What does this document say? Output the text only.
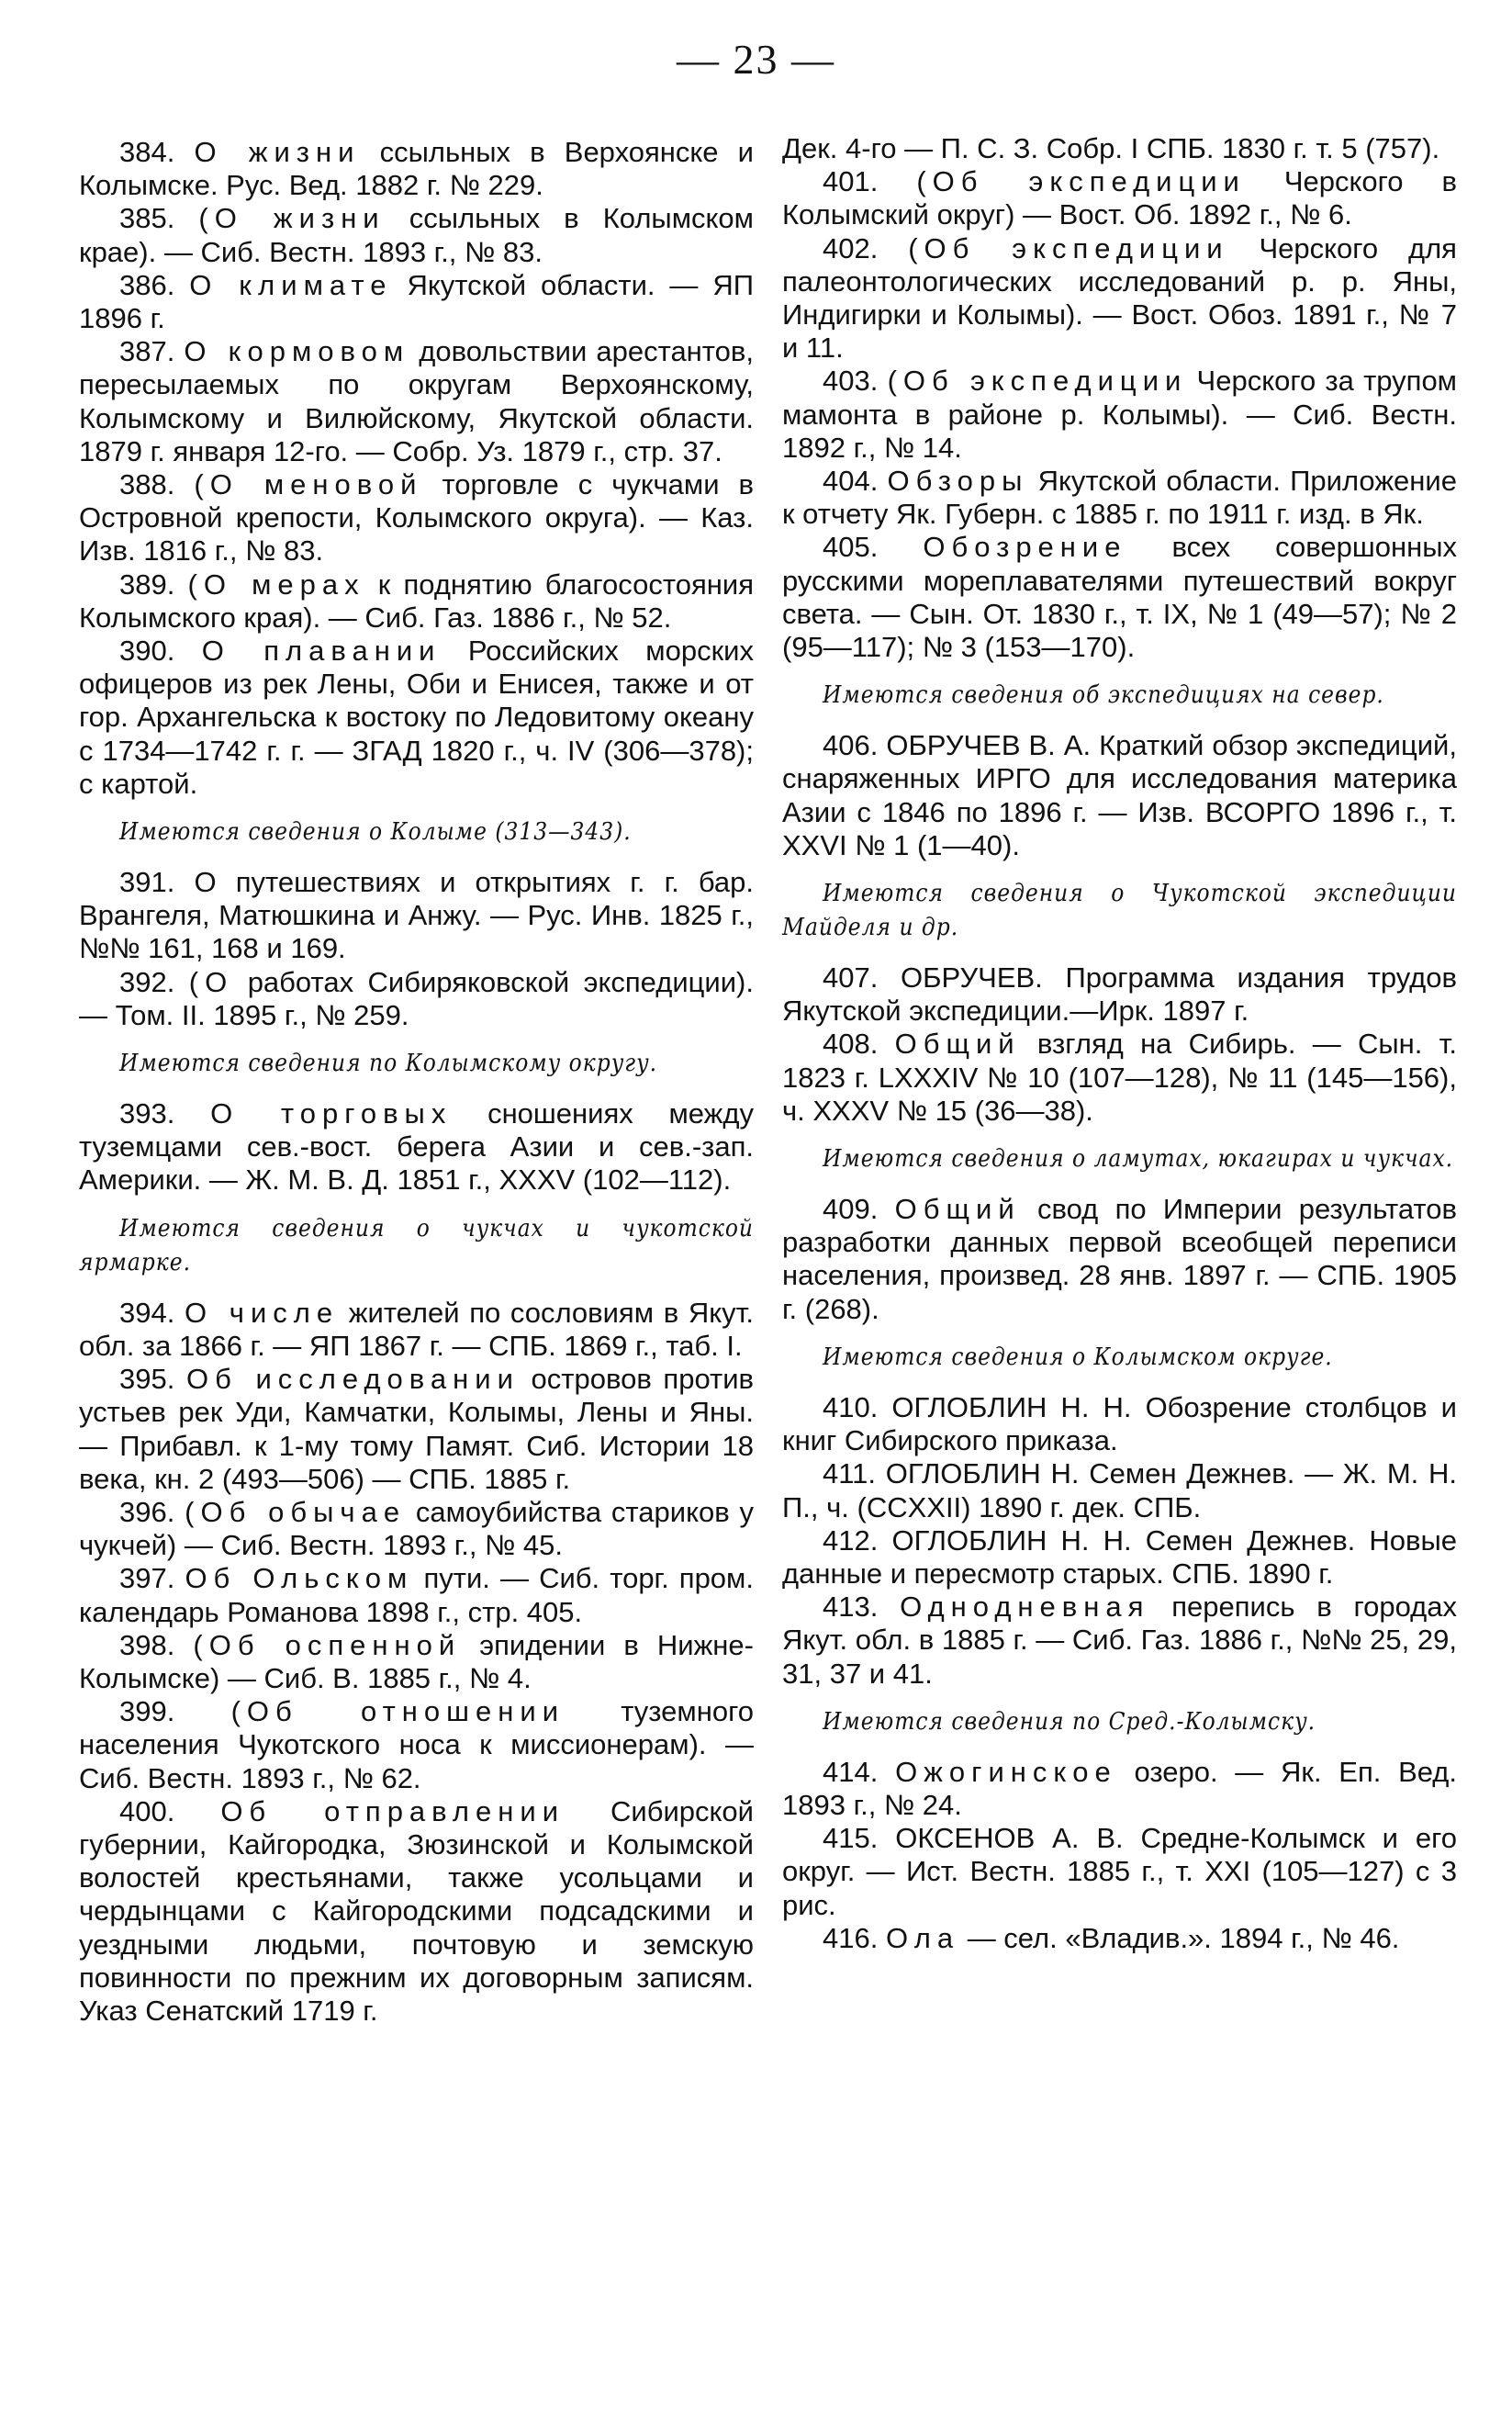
— 23 —

384. О жизни ссыльных в Верхоянске и Колымске. Рус. Вед. 1882 г. № 229.

385. (О жизни ссыльных в Колымском крае). — Сиб. Вестн. 1893 г., № 83.

386. О климате Якутской области. — ЯП 1896 г.

387. О кормовом довольствии арестантов, пересылаемых по округам Верхоянскому, Колымскому и Вилюйскому, Якутской области. 1879 г. января 12-го. — Собр. Уз. 1879 г., стр. 37.

388. (О меновой торговле с чукчами в Островной крепости, Колымского округа). — Каз. Изв. 1816 г., № 83.

389. (О мерах к поднятию благосостояния Колымского края). — Сиб. Газ. 1886 г., № 52.

390. О плавании Российских морских офицеров из рек Лены, Оби и Енисея, также и от гор. Архангельска к востоку по Ледовитому океану с 1734—1742 г. г. — ЗГАД 1820 г., ч. IV (306—378); с картой.

Имеются сведения о Колыме (313—343).

391. О путешествиях и открытиях г. г. бар. Врангеля, Матюшкина и Анжу. — Рус. Инв. 1825 г., №№ 161, 168 и 169.

392. (О работах Сибиряковской экспедиции). — Том. II. 1895 г., № 259.

Имеются сведения по Колымскому округу.

393. О торговых сношениях между туземцами сев.-вост. берега Азии и сев.-зап. Америки. — Ж. М. В. Д. 1851 г., XXXV (102—112).

Имеются сведения о чукчах и чукотской ярмарке.

394. О числе жителей по сословиям в Якут. обл. за 1866 г. — ЯП 1867 г. — СПБ. 1869 г., таб. I.

395. Об исследовании островов против устьев рек Уди, Камчатки, Колымы, Лены и Яны. — Прибавл. к 1-му тому Памят. Сиб. Истории 18 века, кн. 2 (493—506) — СПБ. 1885 г.

396. (Об обычае самоубийства стариков у чукчей) — Сиб. Вестн. 1893 г., № 45.

397. Об Ольском пути. — Сиб. торг. пром. календарь Романова 1898 г., стр. 405.

398. (Об оспенной эпидении в Нижне-Колымске) — Сиб. В. 1885 г., № 4.

399. (Об отношении туземного населения Чукотского носа к миссионерам). — Сиб. Вестн. 1893 г., № 62.

400. Об отправлении Сибирской губернии, Кайгородка, Зюзинской и Колымской волостей крестьянами, также усольцами и чердынцами с Кайгородскими подсадскими и уездными людьми, почтовую и земскую повинности по прежним их договорным записям. Указ Сенатский 1719 г.

Дек. 4-го — П. С. З. Собр. I СПБ. 1830 г. т. 5 (757).

401. (Об экспедиции Черского в Колымский округ) — Вост. Об. 1892 г., № 6.

402. (Об экспедиции Черского для палеонтологических исследований р. р. Яны, Индигирки и Колымы). — Вост. Обоз. 1891 г., № 7 и 11.

403. (Об экспедиции Черского за трупом мамонта в районе р. Колымы). — Сиб. Вестн. 1892 г., № 14.

404. Обзоры Якутской области. Приложение к отчету Як. Губерн. с 1885 г. по 1911 г. изд. в Як.

405. Обозрение всех совершонных русскими мореплавателями путешествий вокруг света. — Сын. От. 1830 г., т. IX, № 1 (49—57); № 2 (95—117); № 3 (153—170).

Имеются сведения об экспедициях на север.

406. ОБРУЧЕВ В. А. Краткий обзор экспедиций, снаряженных ИРГО для исследования материка Азии с 1846 по 1896 г. — Изв. ВСОРГО 1896 г., т. XXVI № 1 (1—40).

Имеются сведения о Чукотской экспедиции Майделя и др.

407. ОБРУЧЕВ. Программа издания трудов Якутской экспедиции.—Ирк. 1897 г.

408. Общий взгляд на Сибирь. — Сын. т. 1823 г. LXXXIV № 10 (107—128), № 11 (145—156), ч. XXXV № 15 (36—38).

Имеются сведения о ламутах, юкагирах и чукчах.

409. Общий свод по Империи результатов разработки данных первой всеобщей переписи населения, произвед. 28 янв. 1897 г. — СПБ. 1905 г. (268).

Имеются сведения о Колымском округе.

410. ОГЛОБЛИН Н. Н. Обозрение столбцов и книг Сибирского приказа.

411. ОГЛОБЛИН Н. Семен Дежнев. — Ж. М. Н. П., ч. (CCXXII) 1890 г. дек. СПБ.

412. ОГЛОБЛИН Н. Н. Семен Дежнев. Новые данные и пересмотр старых. СПБ. 1890 г.

413. Однодневная перепись в городах Якут. обл. в 1885 г. — Сиб. Газ. 1886 г., №№ 25, 29, 31, 37 и 41.

Имеются сведения по Сред.-Колымску.

414. Ожогинское озеро. — Як. Еп. Вед. 1893 г., № 24.

415. ОКСЕНОВ А. В. Средне-Колымск и его округ. — Ист. Вестн. 1885 г., т. XXI (105—127) с 3 рис.

416. Ола — сел. «Владив.». 1894 г., № 46.
